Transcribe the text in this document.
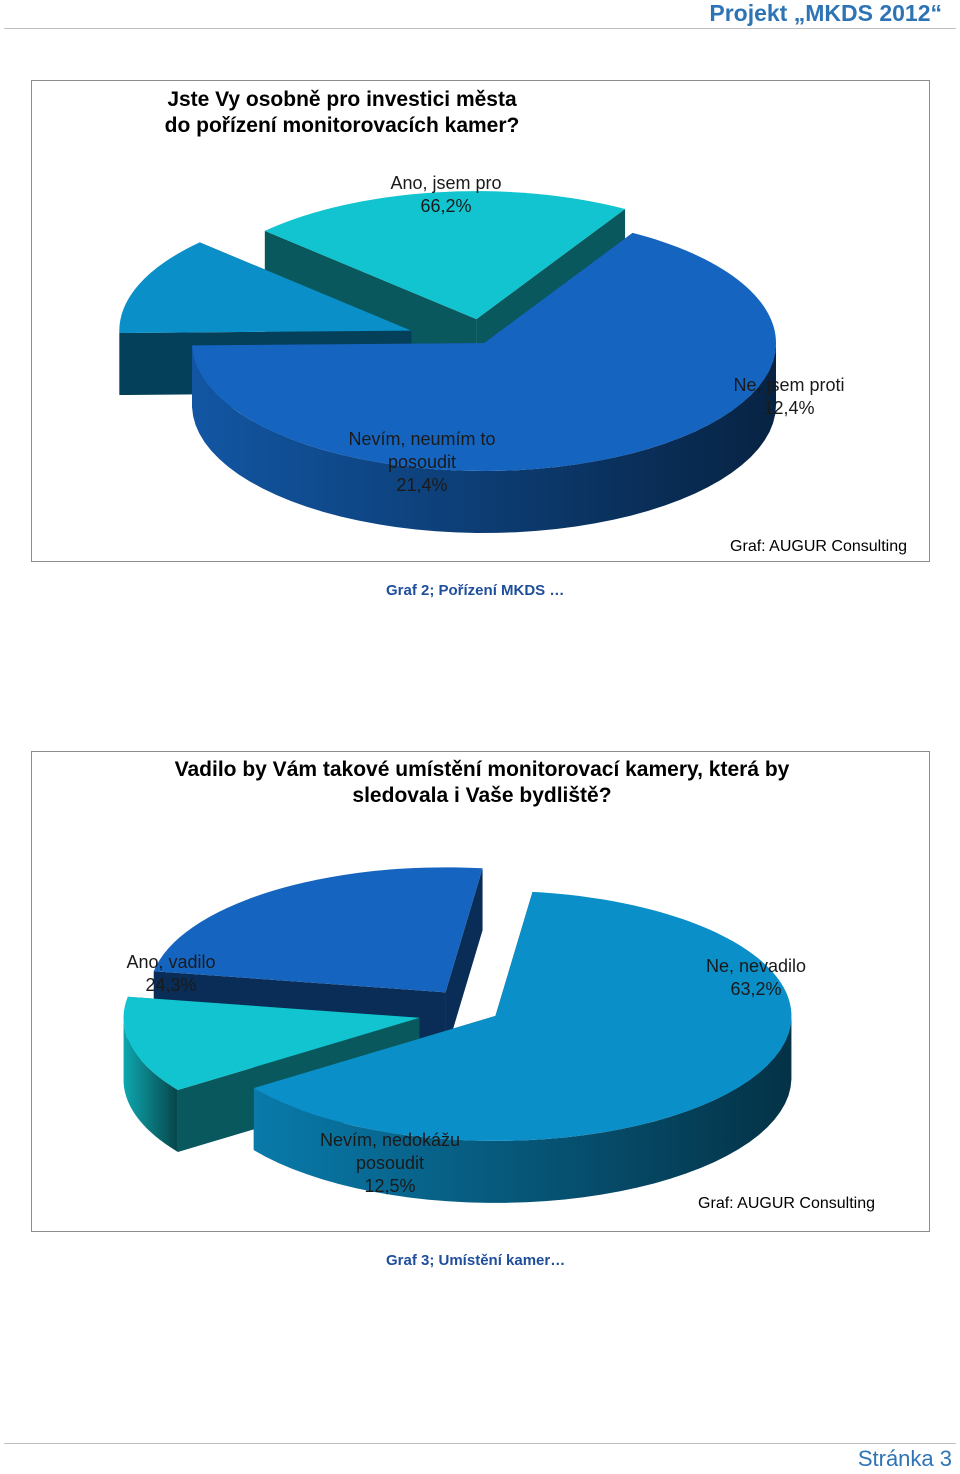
Projekt „MKDS 2012“
Ano, jsem pro 66,2%
Ne, jsem proti 12,4%
Nevím, neumím to posoudit 21,4%
Jste Vy osobně pro investici města do pořízení monitorovacích kamer?
Graf: AUGUR Consulting
Graf 2; Pořízení MKDS …
Ne, nevadilo 63,2%
Nevím, nedokážu posoudit 12,5%
Ano, vadilo 24,3%
Vadilo by Vám takové umístění monitorovací kamery, která by sledovala i Vaše bydliště?
Graf: AUGUR Consulting
Graf 3; Umístění kamer…
Stránka 3
